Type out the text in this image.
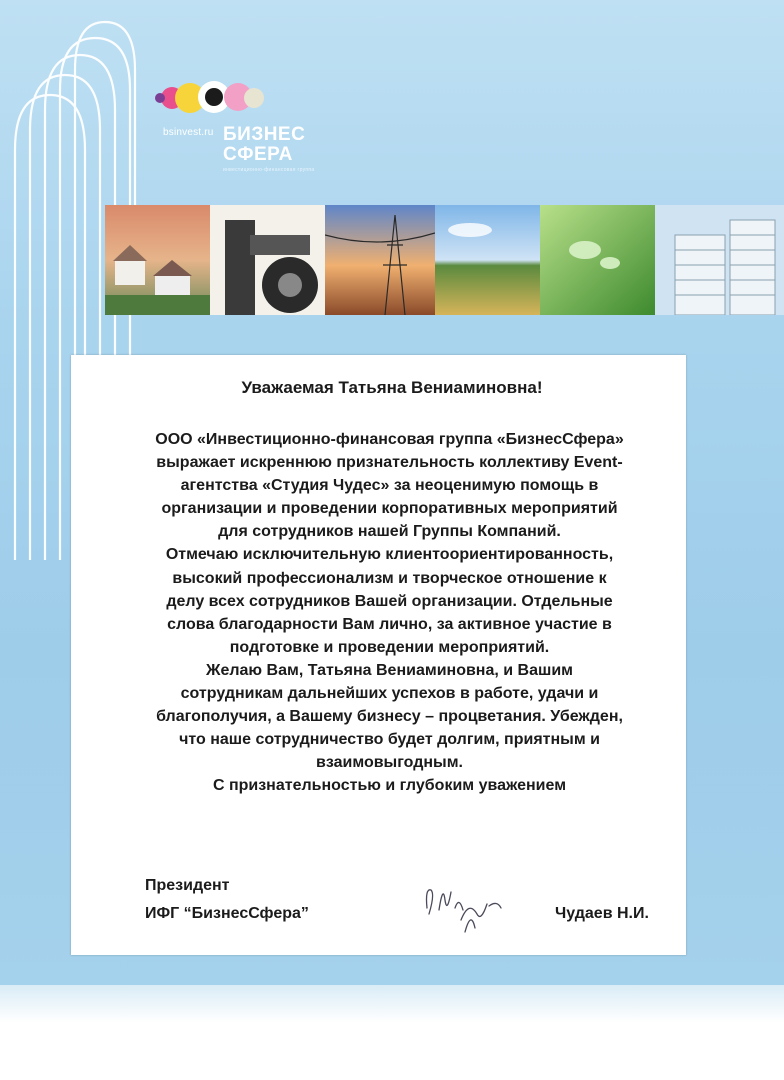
bsinvest.ru БИЗНЕС
СФЕРА
инвестиционно-финансовая группа
Уважаемая Татьяна Вениаминовна!
ООО «Инвестиционно-финансовая группа «БизнесСфера»
выражает искреннюю признательность коллективу Event-
агентства «Студия Чудес» за неоценимую помощь в
организации и проведении корпоративных мероприятий
для сотрудников нашей Группы Компаний.
Отмечаю исключительную клиентоориентированность,
высокий профессионализм и творческое отношение к
делу всех сотрудников Вашей организации. Отдельные
слова благодарности Вам лично, за активное участие в
подготовке и проведении мероприятий.
Желаю Вам, Татьяна Вениаминовна, и Вашим
сотрудникам дальнейших успехов в работе, удачи и
благополучия, а Вашему бизнесу – процветания. Убежден,
что наше сотрудничество будет долгим, приятным и
взаимовыгодным.
С признательностью и глубоким уважением
Президент
ИФГ “БизнесСфера”	Чудаев Н.И.
